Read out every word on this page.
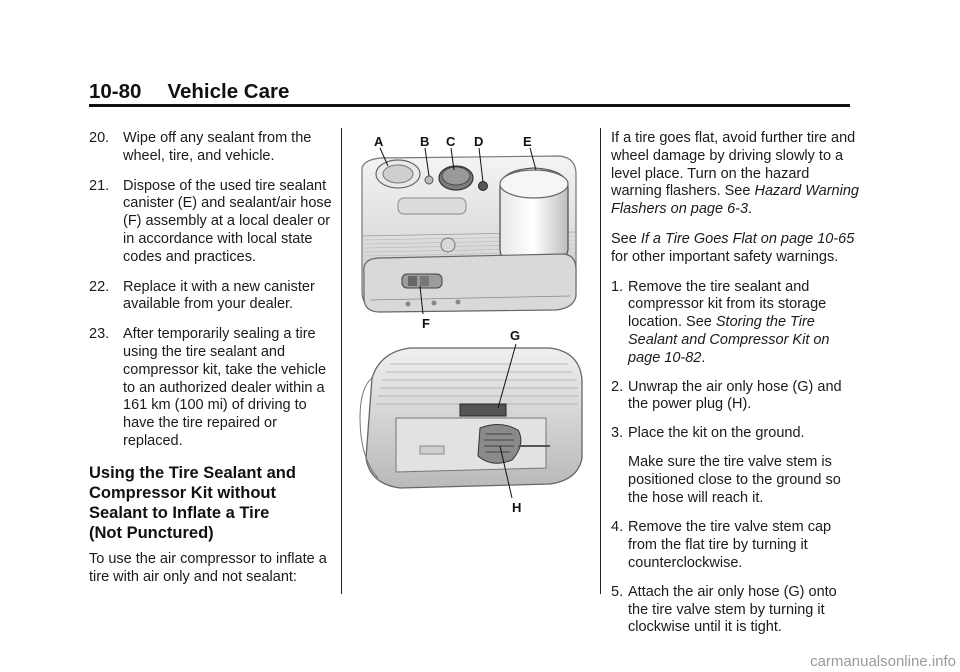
10-80 Vehicle Care
20. Wipe off any sealant from the wheel, tire, and vehicle.
21. Dispose of the used tire sealant canister (E) and sealant/air hose (F) assembly at a local dealer or in accordance with local state codes and practices.
22. Replace it with a new canister available from your dealer.
23. After temporarily sealing a tire using the tire sealant and compressor kit, take the vehicle to an authorized dealer within a 161 km (100 mi) of driving to have the tire repaired or replaced.
Using the Tire Sealant and
Compressor Kit without
Sealant to Inflate a Tire
(Not Punctured)
To use the air compressor to inflate a tire with air only and not sealant:
A	B C D	E
F
G
H
If a tire goes flat, avoid further tire and wheel damage by driving slowly to a level place. Turn on the hazard warning flashers. See Hazard Warning Flashers on page 6-3.
See If a Tire Goes Flat on page 10-65 for other important safety warnings.
1. Remove the tire sealant and compressor kit from its storage location. See Storing the Tire Sealant and Compressor Kit on page 10-82.
2. Unwrap the air only hose (G) and the power plug (H).
3. Place the kit on the ground.
Make sure the tire valve stem is positioned close to the ground so the hose will reach it.
4. Remove the tire valve stem cap from the flat tire by turning it counterclockwise.
5. Attach the air only hose (G) onto the tire valve stem by turning it clockwise until it is tight.
carmanualsonline.info
